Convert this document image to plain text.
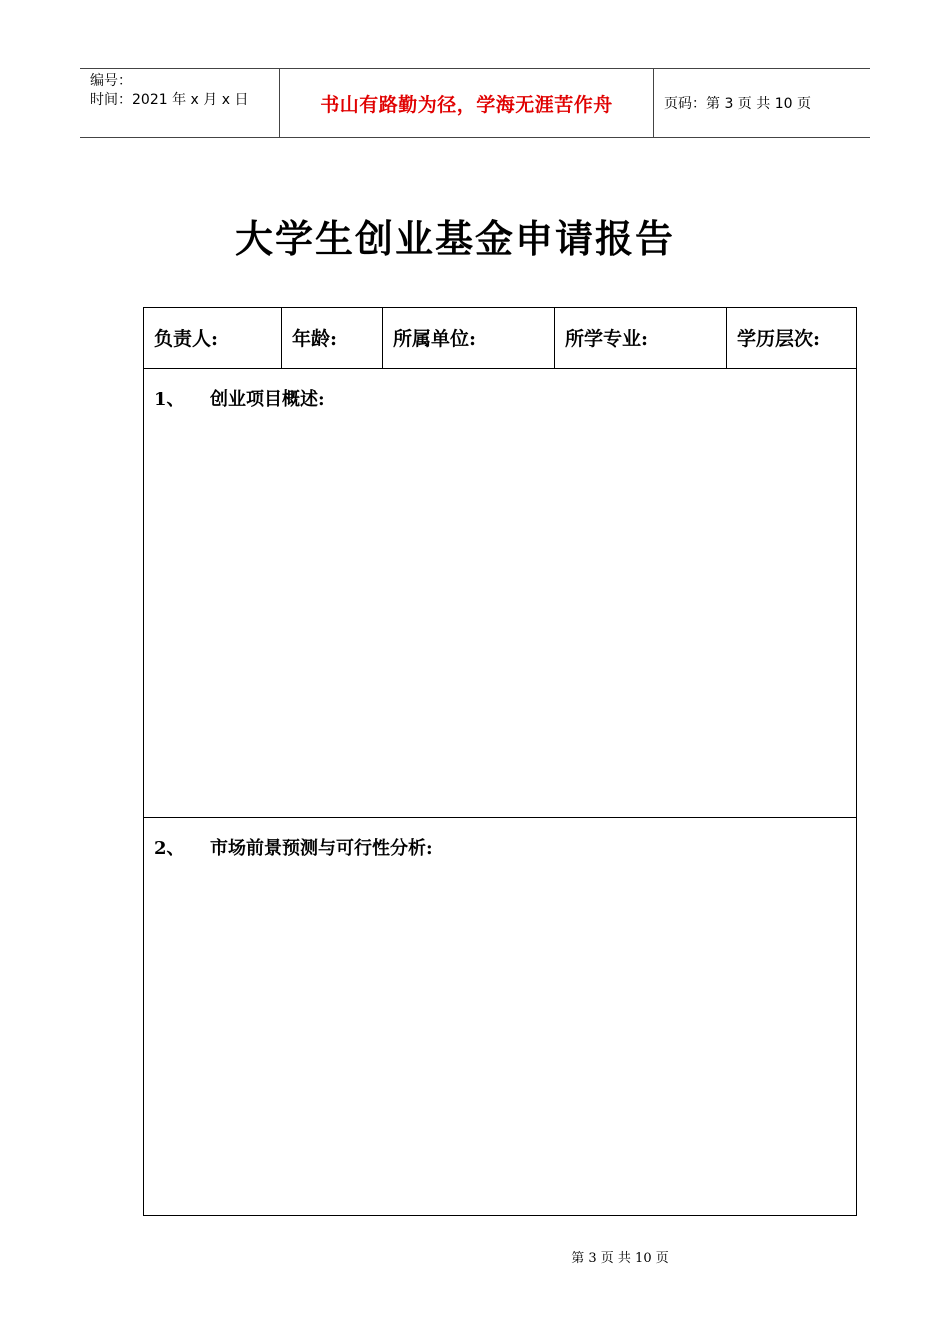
编号：
时间：2021 年 x 月 x 日	书山有路勤为径，学海无涯苦作舟	页码：第 3 页 共 10 页
大学生创业基金申请报告
负责人:	年龄:	所属单位:	所学专业:	学历层次:
1、 创业项目概述:
2、 市场前景预测与可行性分析:
第 3 页 共 10 页
